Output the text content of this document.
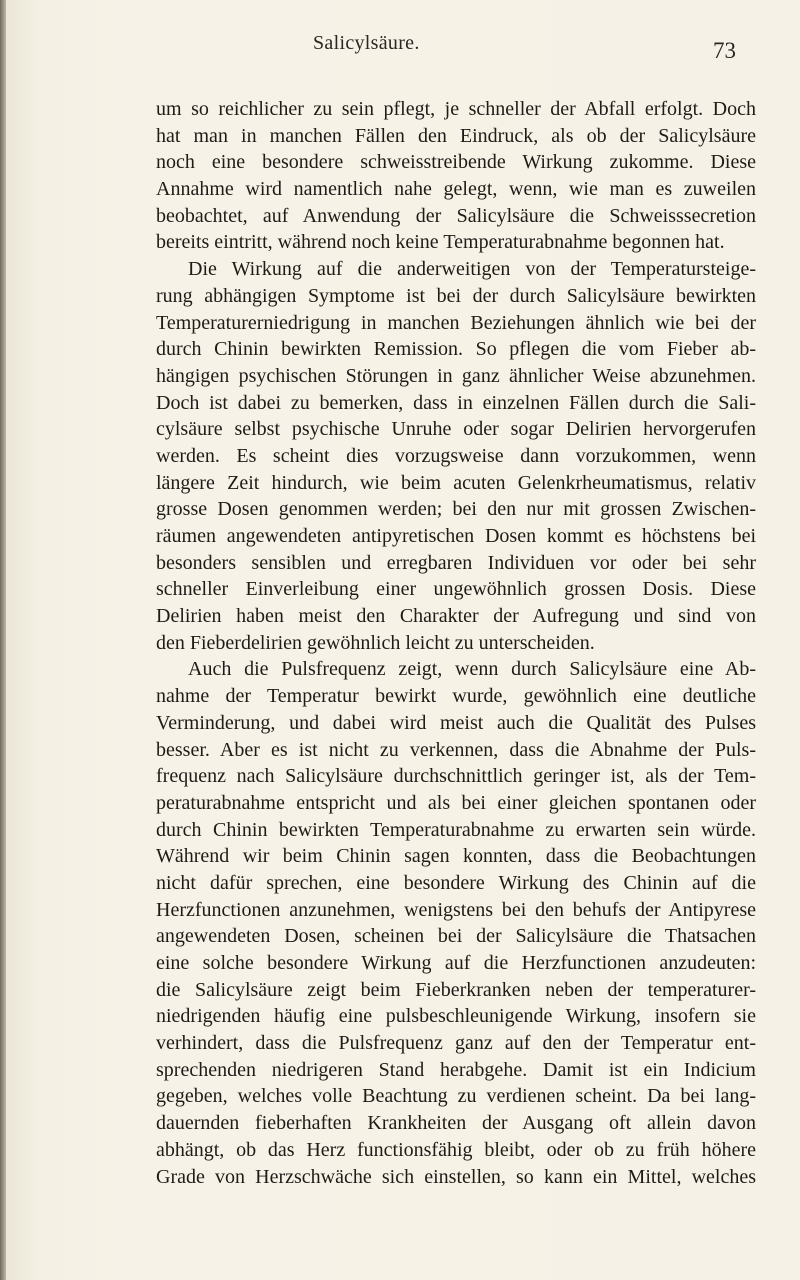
Salicylsäure.	73
um so reichlicher zu sein pflegt, je schneller der Abfall erfolgt. Doch
hat man in manchen Fällen den Eindruck, als ob der Salicylsäure
noch eine besondere schweisstreibende Wirkung zukomme. Diese
Annahme wird namentlich nahe gelegt, wenn, wie man es zuweilen
beobachtet, auf Anwendung der Salicylsäure die Schweisssecretion
bereits eintritt, während noch keine Temperaturabnahme begonnen hat.
Die Wirkung auf die anderweitigen von der Temperatursteige-
rung abhängigen Symptome ist bei der durch Salicylsäure bewirkten
Temperaturerniedrigung in manchen Beziehungen ähnlich wie bei der
durch Chinin bewirkten Remission. So pflegen die vom Fieber ab-
hängigen psychischen Störungen in ganz ähnlicher Weise abzunehmen.
Doch ist dabei zu bemerken, dass in einzelnen Fällen durch die Sali-
cylsäure selbst psychische Unruhe oder sogar Delirien hervorgerufen
werden. Es scheint dies vorzugsweise dann vorzukommen, wenn
längere Zeit hindurch, wie beim acuten Gelenkrheumatismus, relativ
grosse Dosen genommen werden; bei den nur mit grossen Zwischen-
räumen angewendeten antipyretischen Dosen kommt es höchstens bei
besonders sensiblen und erregbaren Individuen vor oder bei sehr
schneller Einverleibung einer ungewöhnlich grossen Dosis. Diese
Delirien haben meist den Charakter der Aufregung und sind von
den Fieberdelirien gewöhnlich leicht zu unterscheiden.
Auch die Pulsfrequenz zeigt, wenn durch Salicylsäure eine Ab-
nahme der Temperatur bewirkt wurde, gewöhnlich eine deutliche
Verminderung, und dabei wird meist auch die Qualität des Pulses
besser. Aber es ist nicht zu verkennen, dass die Abnahme der Puls-
frequenz nach Salicylsäure durchschnittlich geringer ist, als der Tem-
peraturabnahme entspricht und als bei einer gleichen spontanen oder
durch Chinin bewirkten Temperaturabnahme zu erwarten sein würde.
Während wir beim Chinin sagen konnten, dass die Beobachtungen
nicht dafür sprechen, eine besondere Wirkung des Chinin auf die
Herzfunctionen anzunehmen, wenigstens bei den behufs der Antipyrese
angewendeten Dosen, scheinen bei der Salicylsäure die Thatsachen
eine solche besondere Wirkung auf die Herzfunctionen anzudeuten:
die Salicylsäure zeigt beim Fieberkranken neben der temperaturer-
niedrigenden häufig eine pulsbeschleunigende Wirkung, insofern sie
verhindert, dass die Pulsfrequenz ganz auf den der Temperatur ent-
sprechenden niedrigeren Stand herabgehe. Damit ist ein Indicium
gegeben, welches volle Beachtung zu verdienen scheint. Da bei lang-
dauernden fieberhaften Krankheiten der Ausgang oft allein davon
abhängt, ob das Herz functionsfähig bleibt, oder ob zu früh höhere
Grade von Herzschwäche sich einstellen, so kann ein Mittel, welches
